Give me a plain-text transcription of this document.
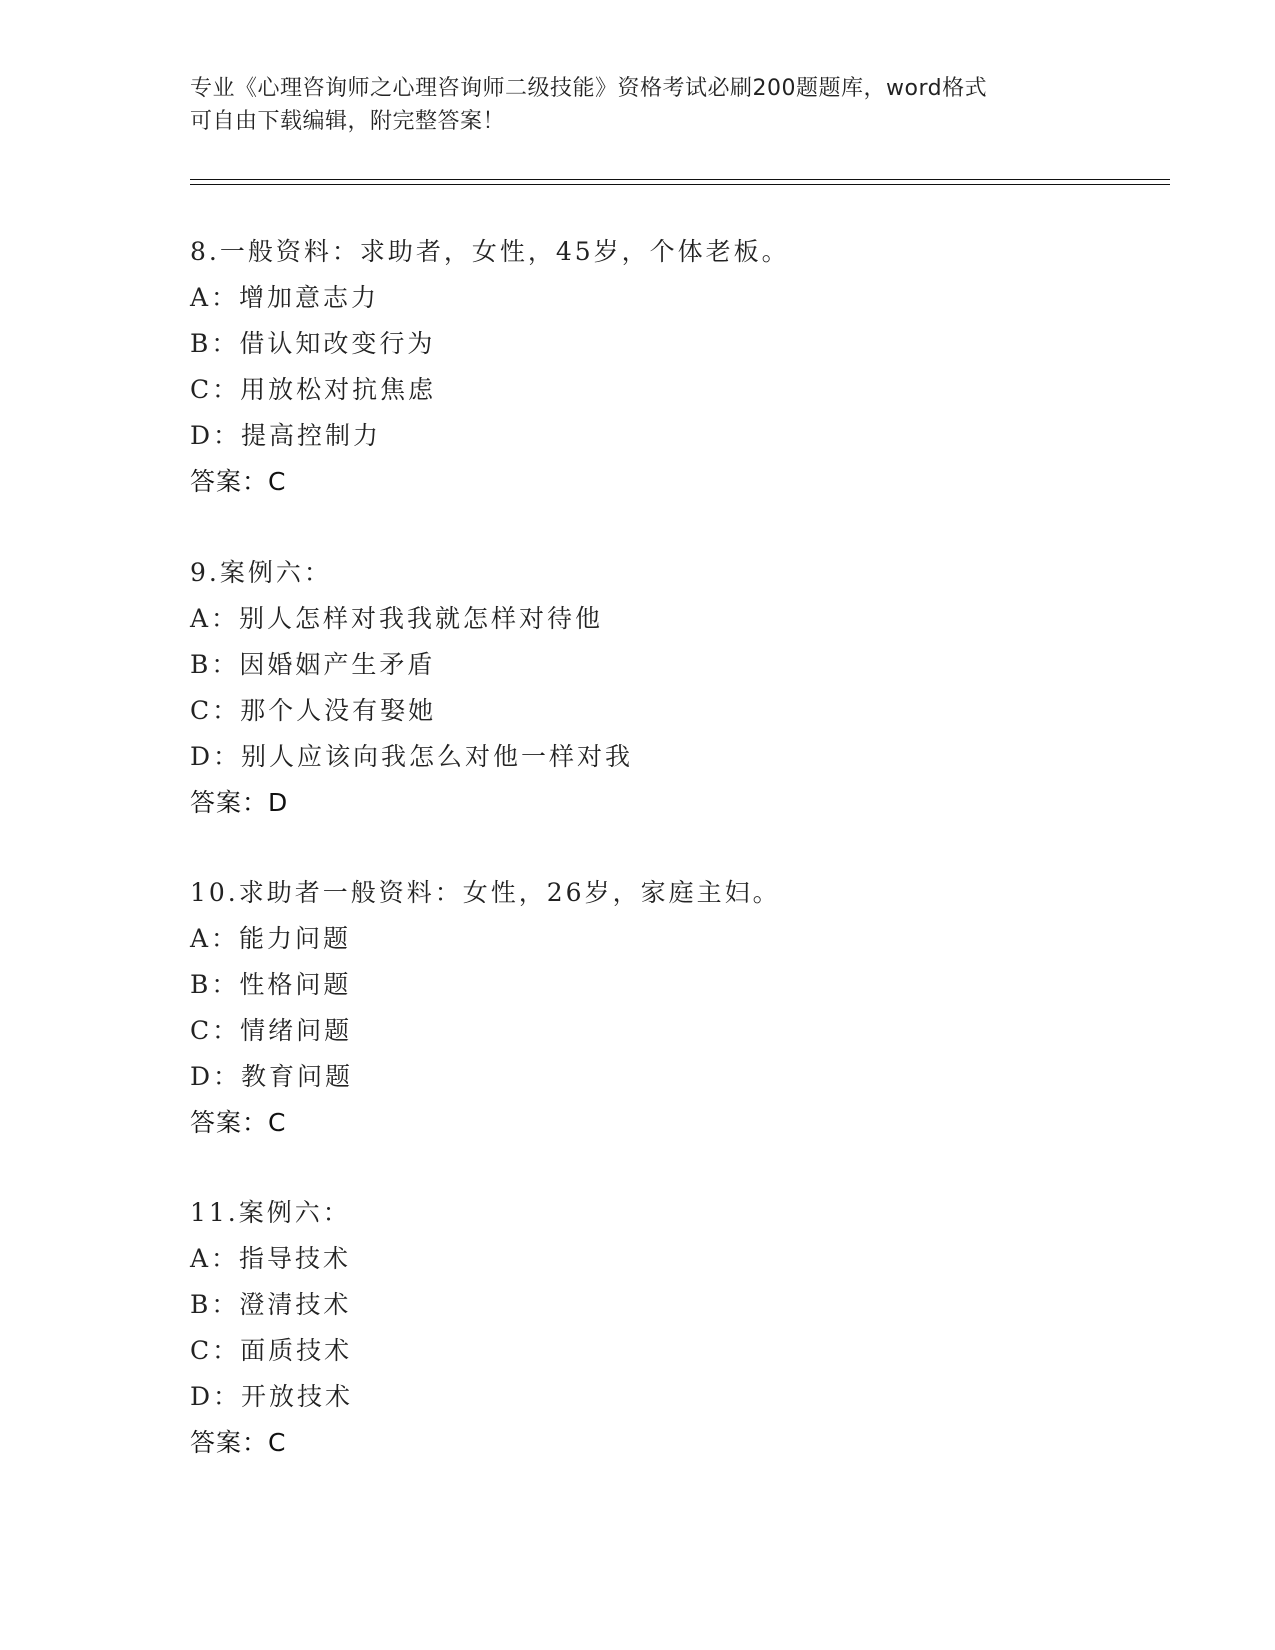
专业《心理咨询师之心理咨询师二级技能》资格考试必刷200题题库，word格式
可自由下载编辑，附完整答案！
8.一般资料：求助者，女性，45岁，个体老板。
A：增加意志力
B：借认知改变行为
C：用放松对抗焦虑
D：提高控制力
答案：C
9.案例六：
A：别人怎样对我我就怎样对待他
B：因婚姻产生矛盾
C：那个人没有娶她
D：别人应该向我怎么对他一样对我
答案：D
10.求助者一般资料：女性，26岁，家庭主妇。
A：能力问题
B：性格问题
C：情绪问题
D：教育问题
答案：C
11.案例六：
A：指导技术
B：澄清技术
C：面质技术
D：开放技术
答案：C
